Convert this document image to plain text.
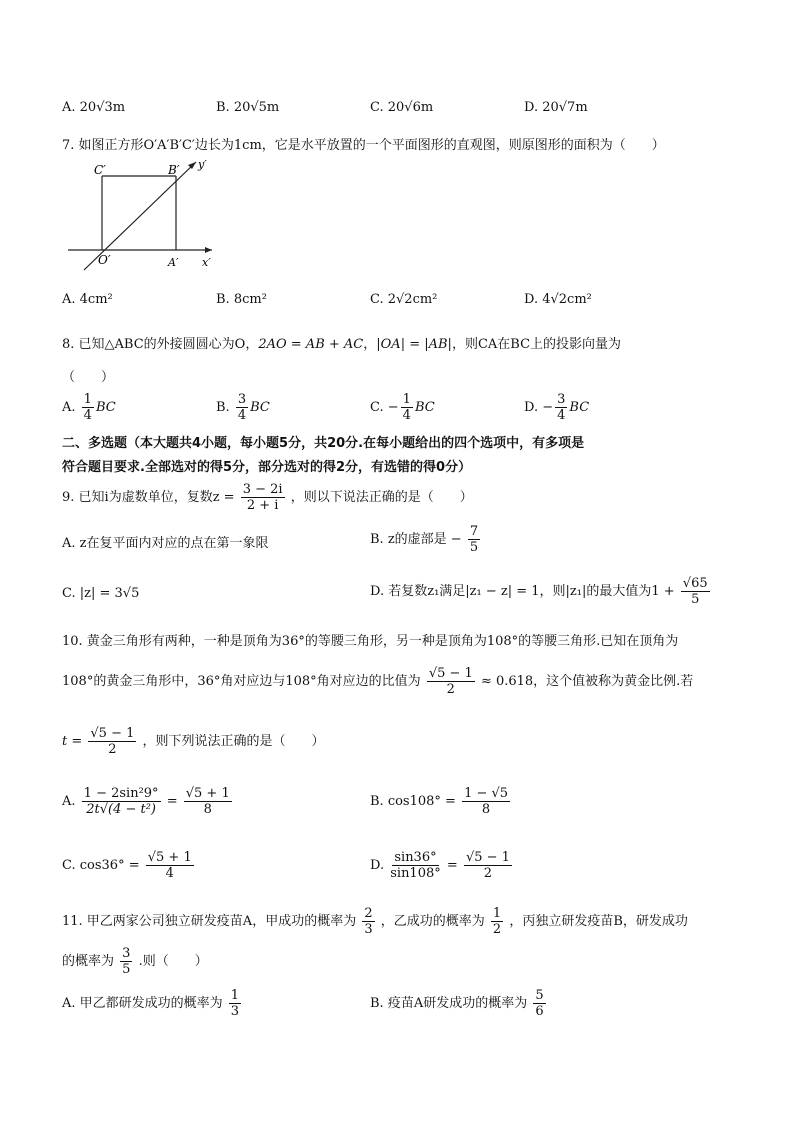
A. 20√3m	B. 20√5m	C. 20√6m	D. 20√7m
7. 如图正方形O′A′B′C′边长为1cm，它是水平放置的一个平面图形的直观图，则原图形的面积为（　　）
C′	B′ y′
O′	A′ x′
A. 4cm²	B. 8cm²	C. 2√2cm²	D. 4√2cm²
8. 已知△ABC的外接圆圆心为O，2AO = AB + AC，|OA| = |AB|，则CA在BC上的投影向量为
（　　）
A. $\frac{1}{4}$ BC	B. $\frac{3}{4}$ BC	C. − $\frac{1}{4}$ BC	D. − $\frac{3}{4}$ BC
二、多选题（本大题共4小题，每小题5分，共20分.在每小题给出的四个选项中，有多项是
符合题目要求.全部选对的得5分，部分选对的得2分，有选错的得0分）
9. 已知i为虚数单位，复数$z = \frac{3 - 2i}{2 + i}$ ，则以下说法正确的是（　　）
A. z在复平面内对应的点在第一象限	B. z的虚部是 − $\frac{7}{5}$
C. |z| = 3√5	D. 若复数z₁满足|z₁ − z| = 1，则|z₁|的最大值为$1 + \frac{√65}{5}$
10. 黄金三角形有两种，一种是顶角为36°的等腰三角形，另一种是顶角为108°的等腰三角形.已知在顶角为
108°的黄金三角形中，36°角对应边与108°角对应边的比值为 $\frac{√5 - 1}{2} \approx 0.618$，这个值被称为黄金比例.若
$t = \frac{√5 - 1}{2}$ ，则下列说法正确的是（　　）
A. $\frac{\text{1 − 2sin²9°}}{\text{2t√(4 − t²)}} = \frac{√5 + 1}{8}$	B. $\cos 108^\circ = \frac{1 - √5}{8}$
C. $\cos 36^\circ = \frac{√5 + 1}{4}$	D. $\frac{\sin 36^\circ}{\sin 108^\circ} = \frac{√5 - 1}{2}$
11. 甲乙两家公司独立研发疫苗A，甲成功的概率为 $\frac{2}{3}$ ，乙成功的概率为 $\frac{1}{2}$ ，丙独立研发疫苗B，研发成功
的概率为 $\frac{3}{5}$ .则（　　）
A. 甲乙都研发成功的概率为 $\frac{1}{3}$	B. 疫苗A研发成功的概率为 $\frac{5}{6}$
